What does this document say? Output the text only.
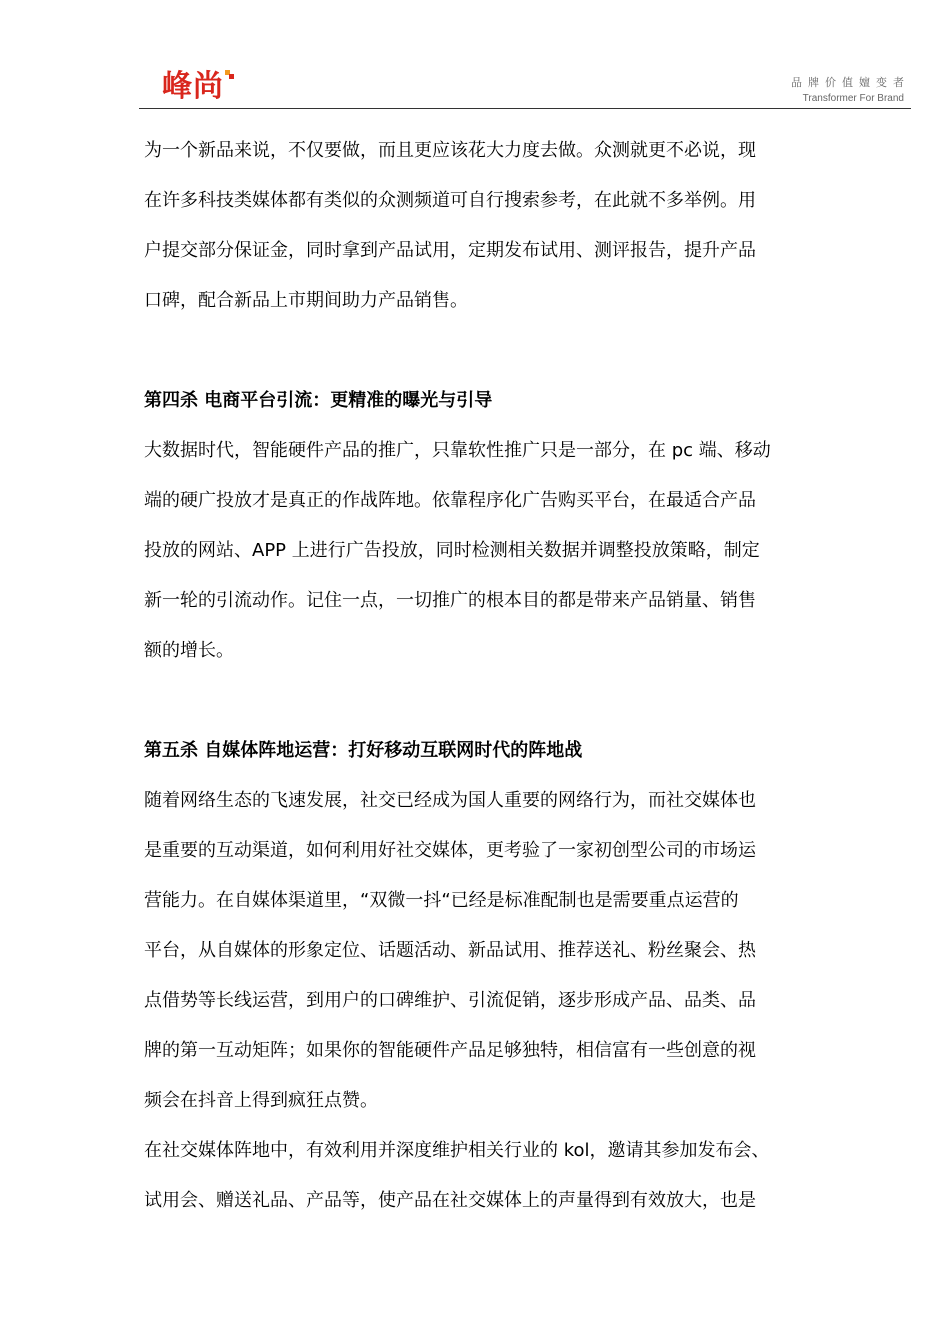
峰尚	品牌价值嬗变者
Transformer For Brand
为一个新品来说，不仅要做，而且更应该花大力度去做。众测就更不必说，现
在许多科技类媒体都有类似的众测频道可自行搜索参考，在此就不多举例。用
户提交部分保证金，同时拿到产品试用，定期发布试用、测评报告，提升产品
口碑，配合新品上市期间助力产品销售。
第四杀 电商平台引流：更精准的曝光与引导
大数据时代，智能硬件产品的推广，只靠软性推广只是一部分，在 pc 端、移动
端的硬广投放才是真正的作战阵地。依靠程序化广告购买平台，在最适合产品
投放的网站、APP 上进行广告投放，同时检测相关数据并调整投放策略，制定
新一轮的引流动作。记住一点，一切推广的根本目的都是带来产品销量、销售
额的增长。
第五杀 自媒体阵地运营：打好移动互联网时代的阵地战
随着网络生态的飞速发展，社交已经成为国人重要的网络行为，而社交媒体也
是重要的互动渠道，如何利用好社交媒体，更考验了一家初创型公司的市场运
营能力。在自媒体渠道里，“双微一抖“已经是标准配制也是需要重点运营的
平台，从自媒体的形象定位、话题活动、新品试用、推荐送礼、粉丝聚会、热
点借势等长线运营，到用户的口碑维护、引流促销，逐步形成产品、品类、品
牌的第一互动矩阵；如果你的智能硬件产品足够独特，相信富有一些创意的视
频会在抖音上得到疯狂点赞。
在社交媒体阵地中，有效利用并深度维护相关行业的 kol，邀请其参加发布会、
试用会、赠送礼品、产品等，使产品在社交媒体上的声量得到有效放大，也是
